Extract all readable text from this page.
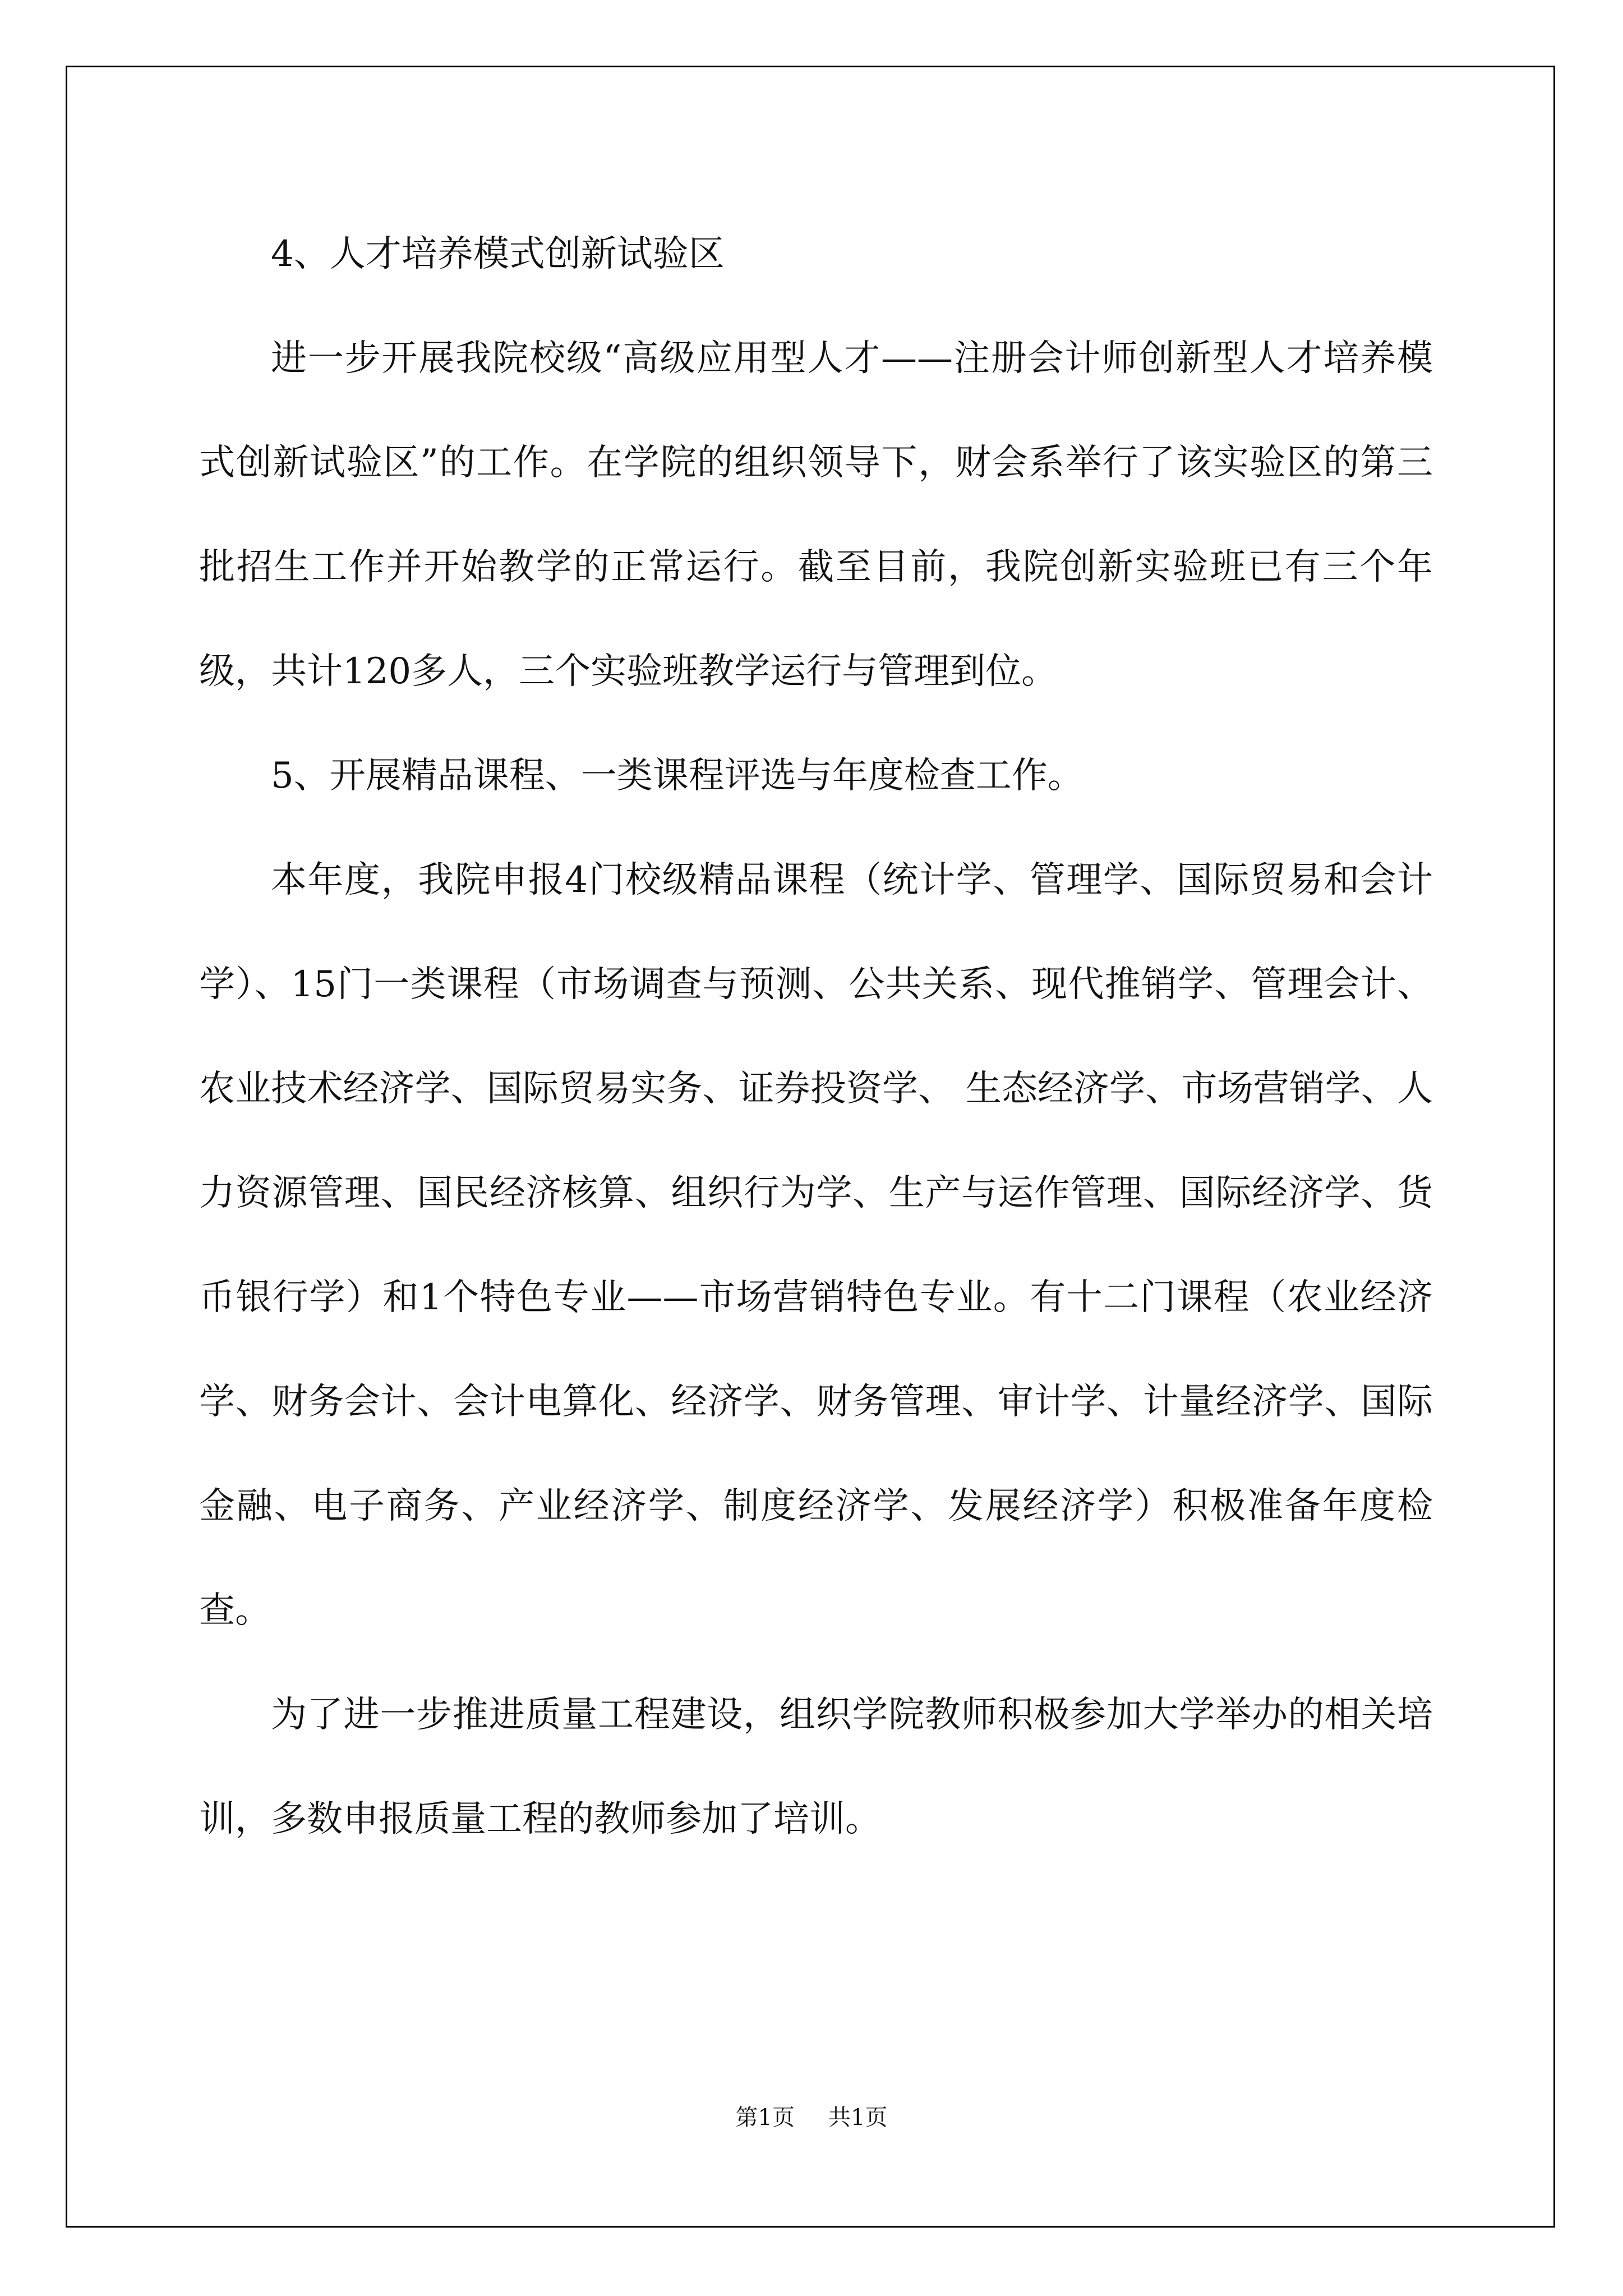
4、人才培养模式创新试验区

进一步开展我院校级“高级应用型人才——注册会计师创新型人才培养模式创新试验区”的工作。在学院的组织领导下，财会系举行了该实验区的第三批招生工作并开始教学的正常运行。截至目前，我院创新实验班已有三个年级，共计120多人，三个实验班教学运行与管理到位。

5、开展精品课程、一类课程评选与年度检查工作。

本年度，我院申报4门校级精品课程（统计学、管理学、国际贸易和会计学）、15门一类课程（市场调查与预测、公共关系、现代推销学、管理会计、农业技术经济学、国际贸易实务、证券投资学、 生态经济学、市场营销学、人力资源管理、国民经济核算、组织行为学、生产与运作管理、国际经济学、货币银行学）和1个特色专业——市场营销特色专业。有十二门课程（农业经济学、财务会计、会计电算化、经济学、财务管理、审计学、计量经济学、国际金融、电子商务、产业经济学、制度经济学、发展经济学）积极准备年度检查。

为了进一步推进质量工程建设，组织学院教师积极参加大学举办的相关培训，多数申报质量工程的教师参加了培训。

第1页 共1页
